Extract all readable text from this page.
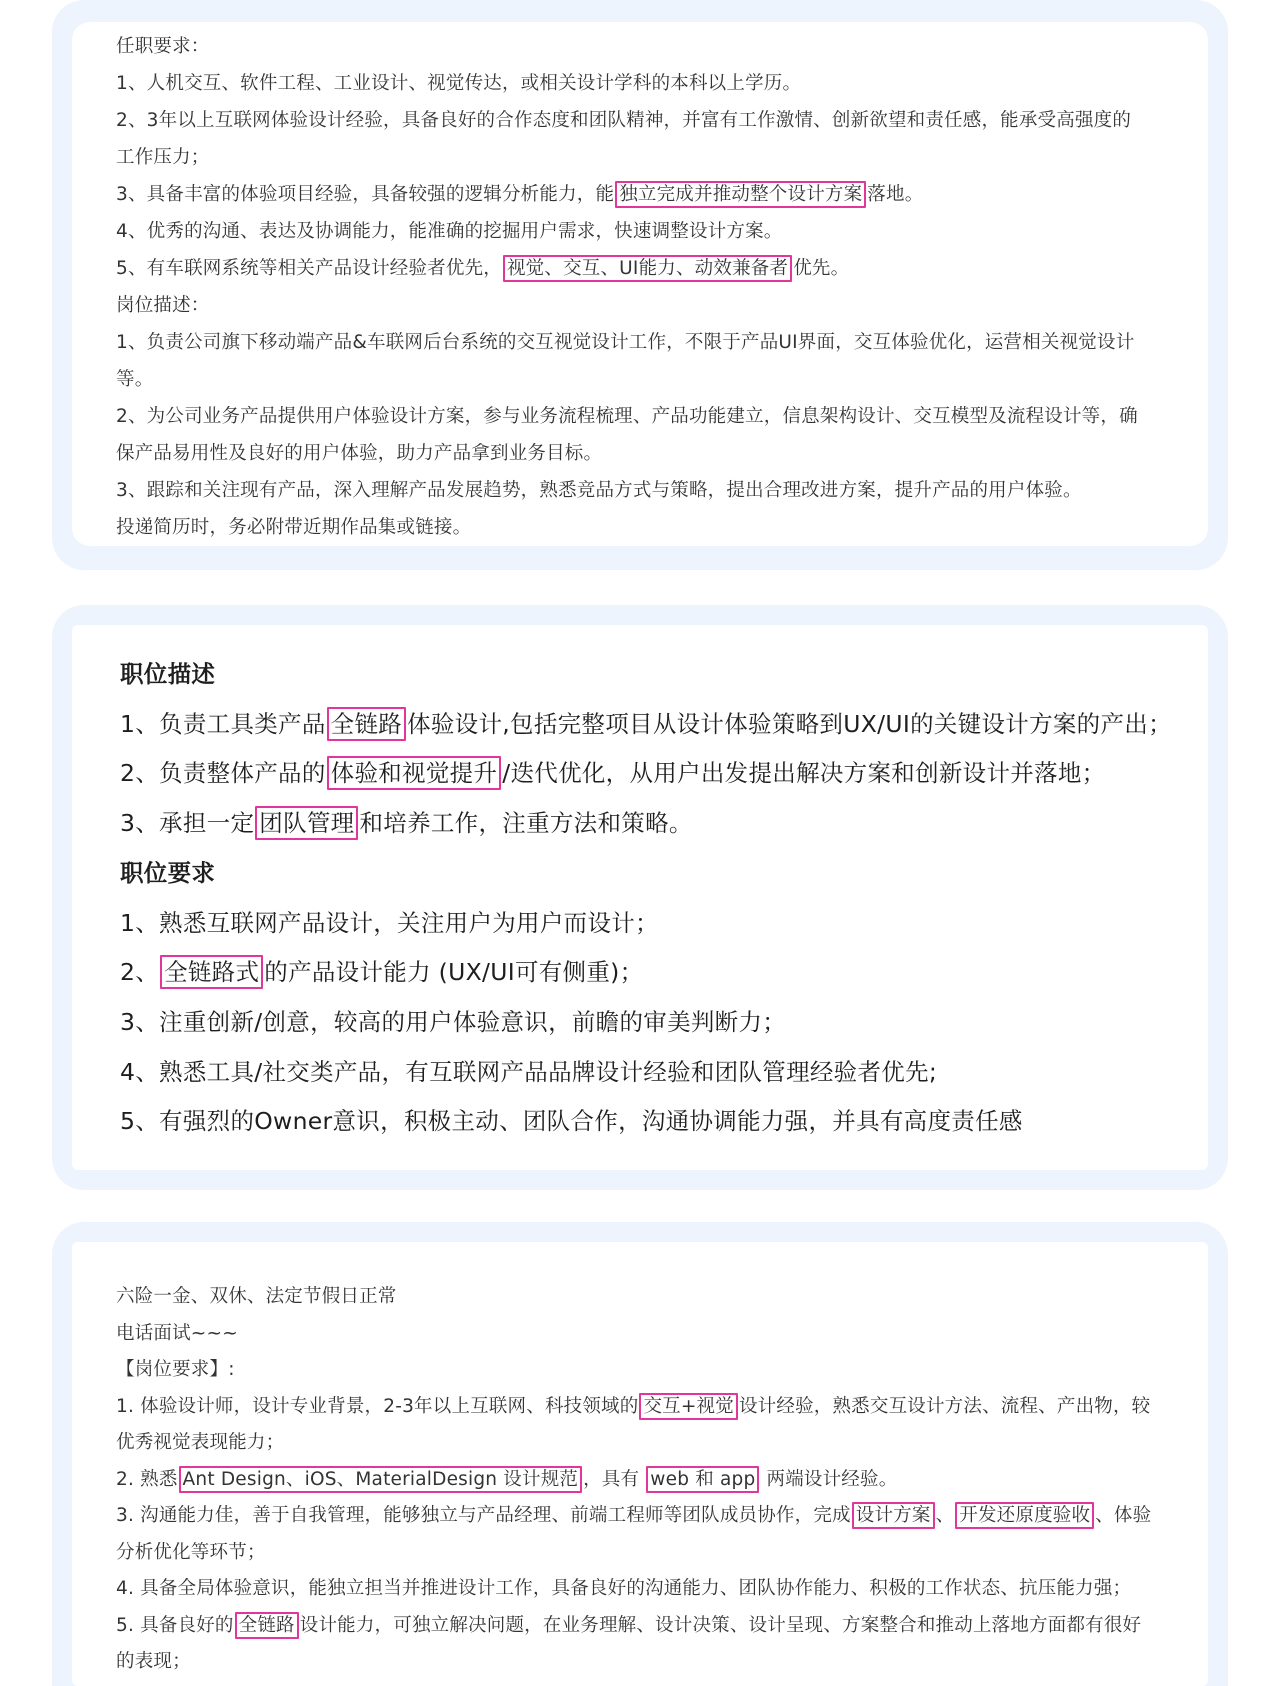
任职要求：
1、人机交互、软件工程、工业设计、视觉传达，或相关设计学科的本科以上学历。
2、3年以上互联网体验设计经验，具备良好的合作态度和团队精神，并富有工作激情、创新欲望和责任感，能承受高强度的
工作压力；
3、具备丰富的体验项目经验，具备较强的逻辑分析能力，能 独立完成并推动整个设计方案 落地。
4、优秀的沟通、表达及协调能力，能准确的挖掘用户需求，快速调整设计方案。
5、有车联网系统等相关产品设计经验者优先， 视觉、交互、UI能力、动效兼备者 优先。
岗位描述：
1、负责公司旗下移动端产品&车联网后台系统的交互视觉设计工作，不限于产品UI界面，交互体验优化，运营相关视觉设计
等。
2、为公司业务产品提供用户体验设计方案，参与业务流程梳理、产品功能建立，信息架构设计、交互模型及流程设计等，确
保产品易用性及良好的用户体验，助力产品拿到业务目标。
3、跟踪和关注现有产品，深入理解产品发展趋势，熟悉竞品方式与策略，提出合理改进方案，提升产品的用户体验。
投递简历时，务必附带近期作品集或链接。
职位描述
1、负责工具类产品 全链路 体验设计,包括完整项目从设计体验策略到UX/UI的关键设计方案的产出；
2、负责整体产品的 体验和视觉提升 /迭代优化，从用户出发提出解决方案和创新设计并落地；
3、承担一定 团队管理 和培养工作，注重方法和策略。
职位要求
1、熟悉互联网产品设计，关注用户为用户而设计；
2、 全链路式 的产品设计能力 (UX/UI可有侧重)；
3、注重创新/创意，较高的用户体验意识，前瞻的审美判断力；
4、熟悉工具/社交类产品，有互联网产品品牌设计经验和团队管理经验者优先;
5、有强烈的Owner意识，积极主动、团队合作，沟通协调能力强，并具有高度责任感
六险一金、双休、法定节假日正常
电话面试~~~
【岗位要求】:
1. 体验设计师，设计专业背景，2-3年以上互联网、科技领域的 交互+视觉 设计经验，熟悉交互设计方法、流程、产出物，较
优秀视觉表现能力；
2. 熟悉 Ant Design、iOS、MaterialDesign 设计规范 ，具有 web 和 app 两端设计经验。
3. 沟通能力佳，善于自我管理，能够独立与产品经理、前端工程师等团队成员协作，完成 设计方案 、 开发还原度验收 、体验
分析优化等环节；
4. 具备全局体验意识，能独立担当并推进设计工作，具备良好的沟通能力、团队协作能力、积极的工作状态、抗压能力强；
5. 具备良好的 全链路 设计能力，可独立解决问题，在业务理解、设计决策、设计呈现、方案整合和推动上落地方面都有很好
的表现；
